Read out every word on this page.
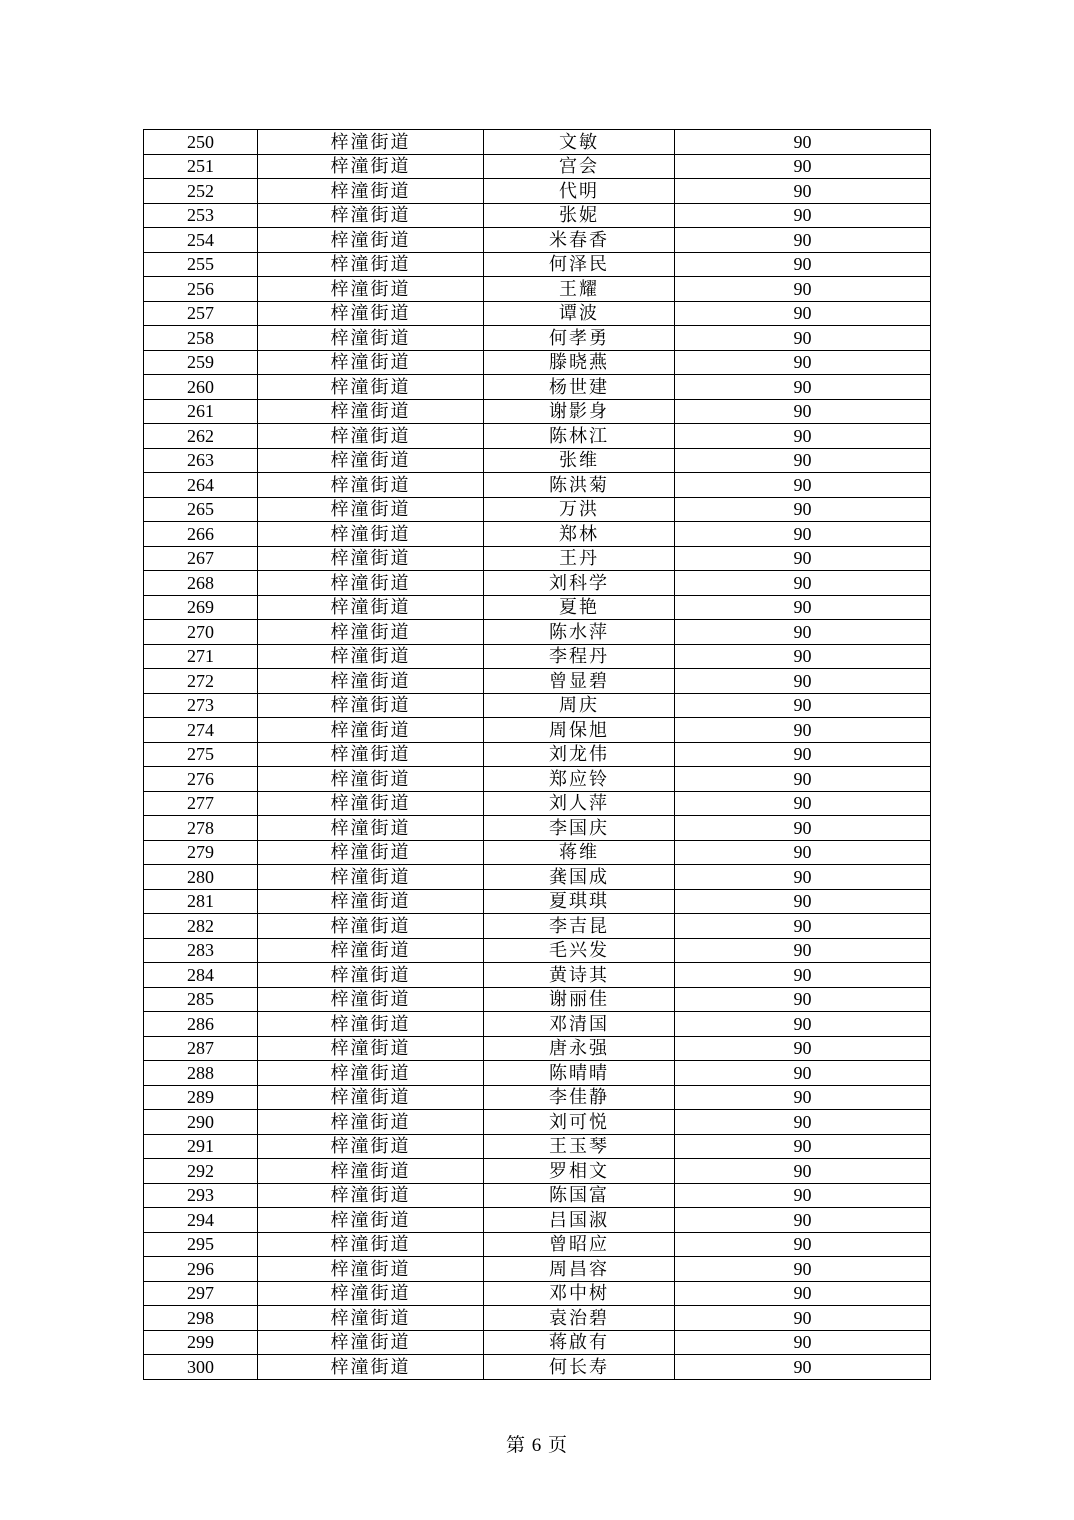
250	梓潼街道	文敏	90
251	梓潼街道	宫会	90
252	梓潼街道	代明	90
253	梓潼街道	张妮	90
254	梓潼街道	米春香	90
255	梓潼街道	何泽民	90
256	梓潼街道	王耀	90
257	梓潼街道	谭波	90
258	梓潼街道	何孝勇	90
259	梓潼街道	滕晓燕	90
260	梓潼街道	杨世建	90
261	梓潼街道	谢影身	90
262	梓潼街道	陈林江	90
263	梓潼街道	张维	90
264	梓潼街道	陈洪菊	90
265	梓潼街道	万洪	90
266	梓潼街道	郑林	90
267	梓潼街道	王丹	90
268	梓潼街道	刘科学	90
269	梓潼街道	夏艳	90
270	梓潼街道	陈水萍	90
271	梓潼街道	李程丹	90
272	梓潼街道	曾显碧	90
273	梓潼街道	周庆	90
274	梓潼街道	周保旭	90
275	梓潼街道	刘龙伟	90
276	梓潼街道	郑应铃	90
277	梓潼街道	刘人萍	90
278	梓潼街道	李国庆	90
279	梓潼街道	蒋维	90
280	梓潼街道	龚国成	90
281	梓潼街道	夏琪琪	90
282	梓潼街道	李吉昆	90
283	梓潼街道	毛兴发	90
284	梓潼街道	黄诗其	90
285	梓潼街道	谢丽佳	90
286	梓潼街道	邓清国	90
287	梓潼街道	唐永强	90
288	梓潼街道	陈晴晴	90
289	梓潼街道	李佳静	90
290	梓潼街道	刘可悦	90
291	梓潼街道	王玉琴	90
292	梓潼街道	罗相文	90
293	梓潼街道	陈国富	90
294	梓潼街道	吕国淑	90
295	梓潼街道	曾昭应	90
296	梓潼街道	周昌容	90
297	梓潼街道	邓中树	90
298	梓潼街道	袁治碧	90
299	梓潼街道	蒋啟有	90
300	梓潼街道	何长寿	90
第 6 页
